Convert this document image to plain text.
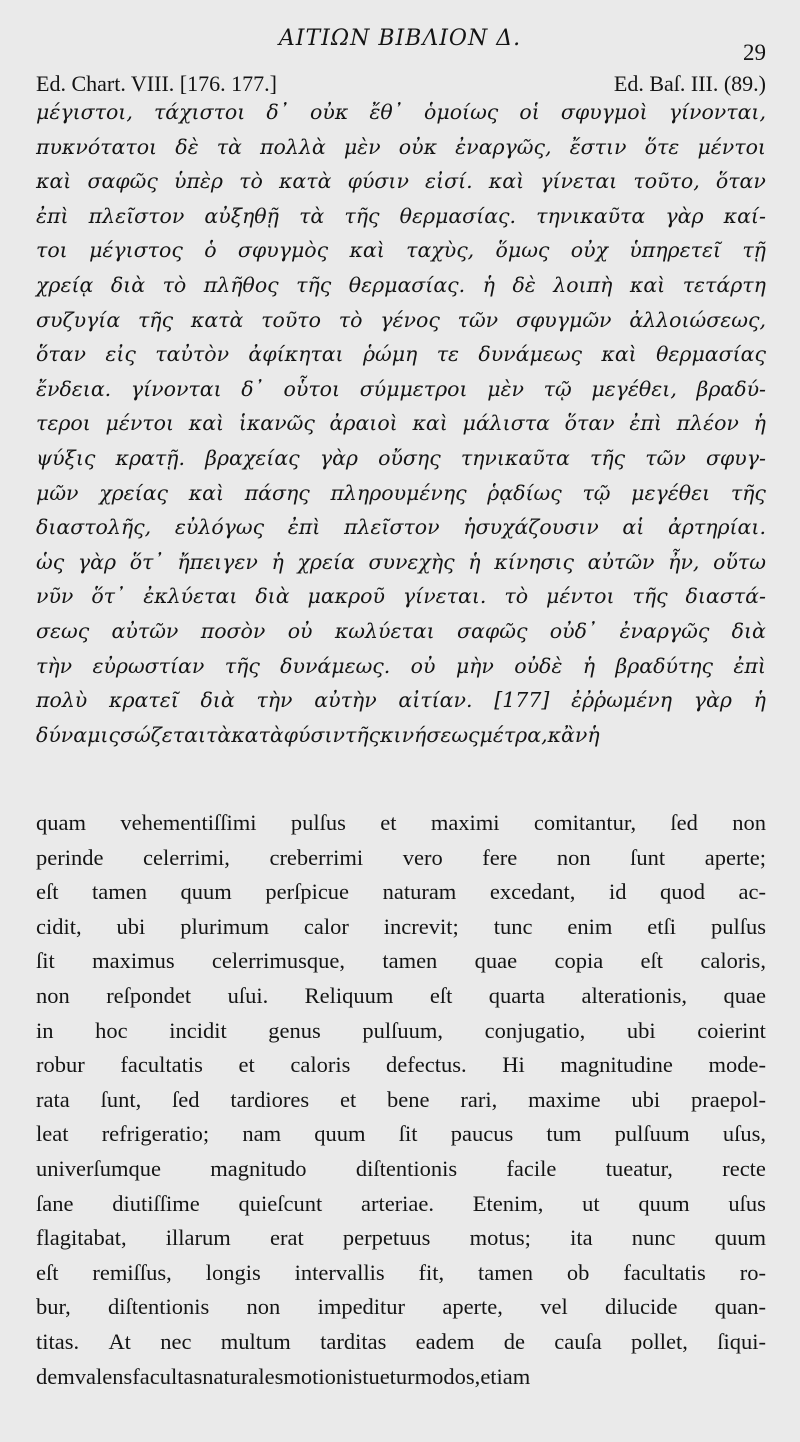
ΑΙΤΙΩΝ ΒΙΒΛΙΟΝ Δ.
29
Ed. Chart. VIII. [176. 177.]	Ed. Baſ. III. (89.)
μέγιστοι, τάχιστοι δ᾽ οὐκ ἔθ᾽ ὁμοίως οἱ σφυγμοὶ γίνονται,
πυκνότατοι δὲ τὰ πολλὰ μὲν οὐκ ἐναργῶς, ἔστιν ὅτε μέντοι
καὶ σαφῶς ὑπὲρ τὸ κατὰ φύσιν εἰσί. καὶ γίνεται τοῦτο, ὅταν
ἐπὶ πλεῖστον αὐξηθῇ τὰ τῆς θερμασίας. τηνικαῦτα γὰρ καί-
τοι μέγιστος ὁ σφυγμὸς καὶ ταχὺς, ὅμως οὐχ ὑπηρετεῖ τῇ
χρείᾳ διὰ τὸ πλῆθος τῆς θερμασίας. ἡ δὲ λοιπὴ καὶ τετάρτη
συζυγία τῆς κατὰ τοῦτο τὸ γένος τῶν σφυγμῶν ἀλλοιώσεως,
ὅταν εἰς ταὐτὸν ἀφίκηται ῥώμη τε δυνάμεως καὶ θερμασίας
ἔνδεια. γίνονται δ᾽ οὗτοι σύμμετροι μὲν τῷ μεγέθει, βραδύ-
τεροι μέντοι καὶ ἱκανῶς ἀραιοὶ καὶ μάλιστα ὅταν ἐπὶ πλέον ἡ
ψύξις κρατῇ. βραχείας γὰρ οὔσης τηνικαῦτα τῆς τῶν σφυγ-
μῶν χρείας καὶ πάσης πληρουμένης ῥᾳδίως τῷ μεγέθει τῆς
διαστολῆς, εὐλόγως ἐπὶ πλεῖστον ἡσυχάζουσιν αἱ ἀρτηρίαι.
ὡς γὰρ ὅτ᾽ ἤπειγεν ἡ χρεία συνεχὴς ἡ κίνησις αὐτῶν ἦν, οὕτω
νῦν ὅτ᾽ ἐκλύεται διὰ μακροῦ γίνεται. τὸ μέντοι τῆς διαστά-
σεως αὐτῶν ποσὸν οὐ κωλύεται σαφῶς οὐδ᾽ ἐναργῶς διὰ
τὴν εὐρωστίαν τῆς δυνάμεως. οὐ μὴν οὐδὲ ἡ βραδύτης ἐπὶ
πολὺ κρατεῖ διὰ τὴν αὐτὴν αἰτίαν. [177] ἐῤῥωμένη γὰρ ἡ
δύναμις σώζεται τὰ κατὰ φύσιν τῆς κινήσεως μέτρα, κἂν ἡ
quam vehementiſſimi pulſus et maximi comitantur, ſed non
perinde celerrimi, creberrimi vero fere non ſunt aperte;
eſt tamen quum perſpicue naturam excedant, id quod ac-
cidit, ubi plurimum calor increvit; tunc enim etſi pulſus
ſit maximus celerrimusque, tamen quae copia eſt caloris,
non reſpondet uſui. Reliquum eſt quarta alterationis, quae
in hoc incidit genus pulſuum, conjugatio, ubi coierint
robur facultatis et caloris defectus. Hi magnitudine mode-
rata ſunt, ſed tardiores et bene rari, maxime ubi praepol-
leat refrigeratio; nam quum ſit paucus tum pulſuum uſus,
univerſumque magnitudo diſtentionis facile tueatur, recte
ſane diutiſſime quieſcunt arteriae. Etenim, ut quum uſus
flagitabat, illarum erat perpetuus motus; ita nunc quum
eſt remiſſus, longis intervallis fit, tamen ob facultatis ro-
bur, diſtentionis non impeditur aperte, vel dilucide quan-
titas. At nec multum tarditas eadem de cauſa pollet, ſiqui-
dem valens facultas naturales motionis tuetur modos, etiam
